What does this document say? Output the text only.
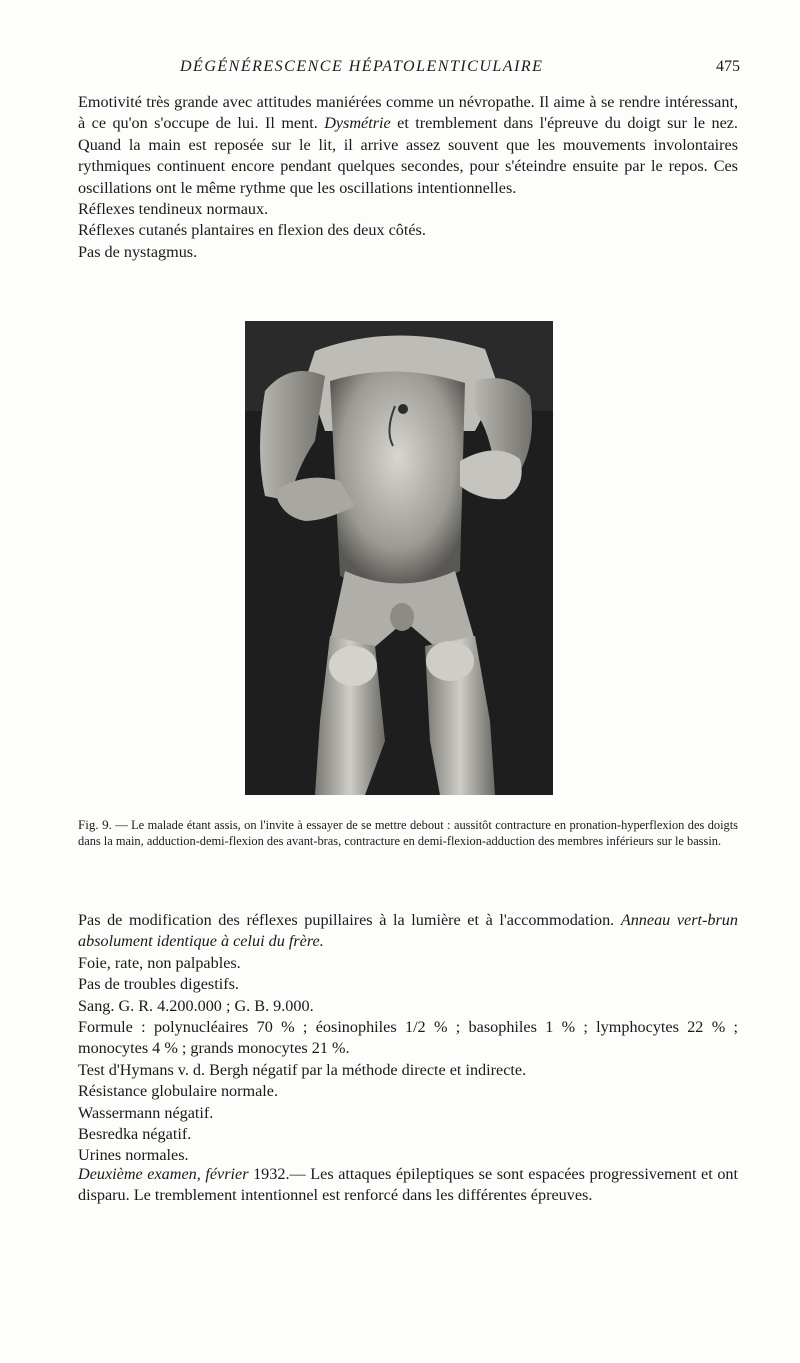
DÉGÉNÉRESCENCE HÉPATOLENTICULAIRE	475

Emotivité très grande avec attitudes maniérées comme un névropathe. Il aime à se rendre intéressant, à ce qu'on s'occupe de lui. Il ment. Dysmétrie et tremblement dans l'épreuve du doigt sur le nez. Quand la main est reposée sur le lit, il arrive assez souvent que les mouvements involontaires rythmiques continuent encore pendant quelques secondes, pour s'éteindre ensuite par le repos. Ces oscillations ont le même rythme que les oscillations intentionnelles.

Réflexes tendineux normaux.

Réflexes cutanés plantaires en flexion des deux côtés.

Pas de nystagmus.

Fig. 9. — Le malade étant assis, on l'invite à essayer de se mettre debout : aussitôt contracture en pronation-hyperflexion des doigts dans la main, adduction-demi-flexion des avant-bras, contracture en demi-flexion-adduction des membres inférieurs sur le bassin.

Pas de modification des réflexes pupillaires à la lumière et à l'accommodation. Anneau vert-brun absolument identique à celui du frère.

Foie, rate, non palpables.

Pas de troubles digestifs.

Sang. G. R. 4.200.000 ; G. B. 9.000.

Formule : polynucléaires 70 % ; éosinophiles 1/2 % ; basophiles 1 % ; lymphocytes 22 % ; monocytes 4 % ; grands monocytes 21 %.

Test d'Hymans v. d. Bergh négatif par la méthode directe et indirecte.

Résistance globulaire normale.

Wassermann négatif.

Besredka négatif.

Urines normales.

Deuxième examen, février 1932.— Les attaques épileptiques se sont espacées progressivement et ont disparu. Le tremblement intentionnel est renforcé dans les différentes épreuves.
